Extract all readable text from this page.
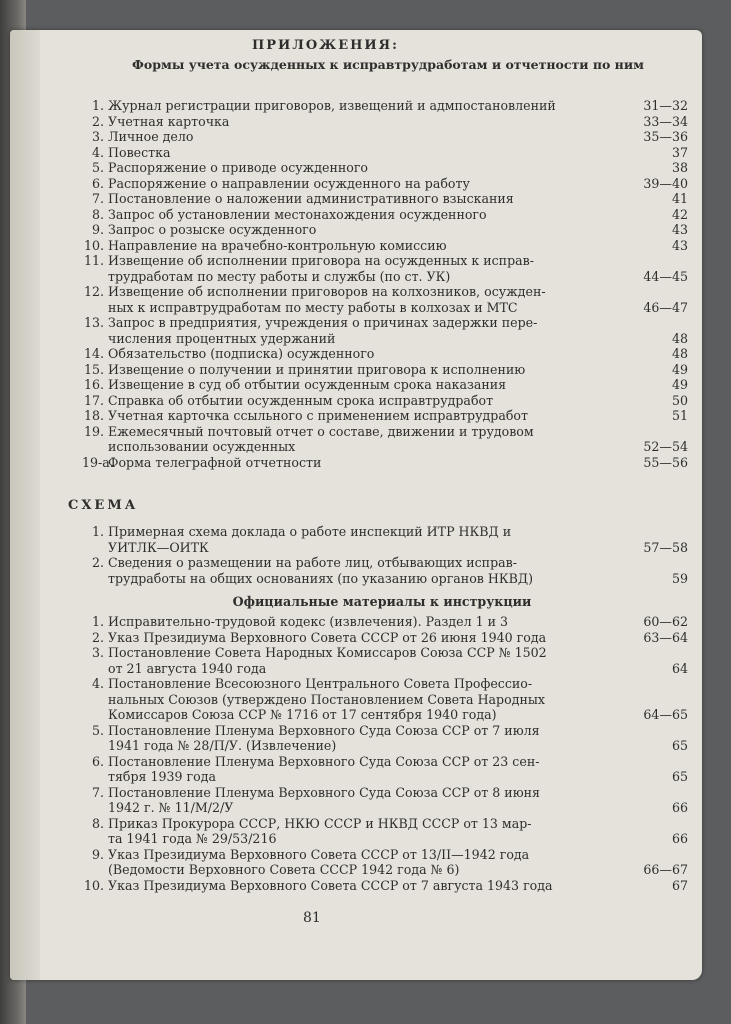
ПРИЛОЖЕНИЯ:
Формы учета осужденных к исправтрудработам и отчетности по ним
1. Журнал регистрации приговоров, извещений и адмпостановлений	31—32
2. Учетная карточка	33—34
3. Личное дело	35—36
4. Повестка	37
5. Распоряжение о приводе осужденного	38
6. Распоряжение о направлении осужденного на работу	39—40
7. Постановление о наложении административного взыскания	41
8. Запрос об установлении местонахождения осужденного	42
9. Запрос о розыске осужденного	43
10. Направление на врачебно-контрольную комиссию	43
11. Извещение об исполнении приговора на осужденных к исправ-
трудработам по месту работы и службы (по ст. УК)	44—45
12. Извещение об исполнении приговоров на колхозников, осужден-
ных к исправтрудработам по месту работы в колхозах и МТС	46—47
13. Запрос в предприятия, учреждения о причинах задержки пере-
числения процентных удержаний	48
14. Обязательство (подписка) осужденного	48
15. Извещение о получении и принятии приговора к исполнению	49
16. Извещение в суд об отбытии осужденным срока наказания	49
17. Справка об отбытии осужденным срока исправтрудработ	50
18. Учетная карточка ссыльного с применением исправтрудработ	51
19. Ежемесячный почтовый отчет о составе, движении и трудовом
использовании осужденных	52—54
19-а.Форма телеграфной отчетности	55—56
СХЕМА
1. Примерная схема доклада о работе инспекций ИТР НКВД и
УИТЛК—ОИТК	57—58
2. Сведения о размещении на работе лиц, отбывающих исправ-
трудработы на общих основаниях (по указанию органов НКВД)	59
Официальные материалы к инструкции
1. Исправительно-трудовой кодекс (извлечения). Раздел 1 и 3	60—62
2. Указ Президиума Верховного Совета СССР от 26 июня 1940 года	63—64
3. Постановление Совета Народных Комиссаров Союза ССР № 1502
от 21 августа 1940 года	64
4. Постановление Всесоюзного Центрального Совета Профессио-
нальных Союзов (утверждено Постановлением Совета Народных
Комиссаров Союза ССР № 1716 от 17 сентября 1940 года)	64—65
5. Постановление Пленума Верховного Суда Союза ССР от 7 июля
1941 года № 28/П/У. (Извлечение)	65
6. Постановление Пленума Верховного Суда Союза ССР от 23 сен-
тября 1939 года	65
7. Постановление Пленума Верховного Суда Союза ССР от 8 июня
1942 г. № 11/М/2/У	66
8. Приказ Прокурора СССР, НКЮ СССР и НКВД СССР от 13 мар-
та 1941 года № 29/53/216	66
9. Указ Президиума Верховного Совета СССР от 13/II—1942 года
(Ведомости Верховного Совета СССР 1942 года № 6)	66—67
10. Указ Президиума Верховного Совета СССР от 7 августа 1943 года	67
81
